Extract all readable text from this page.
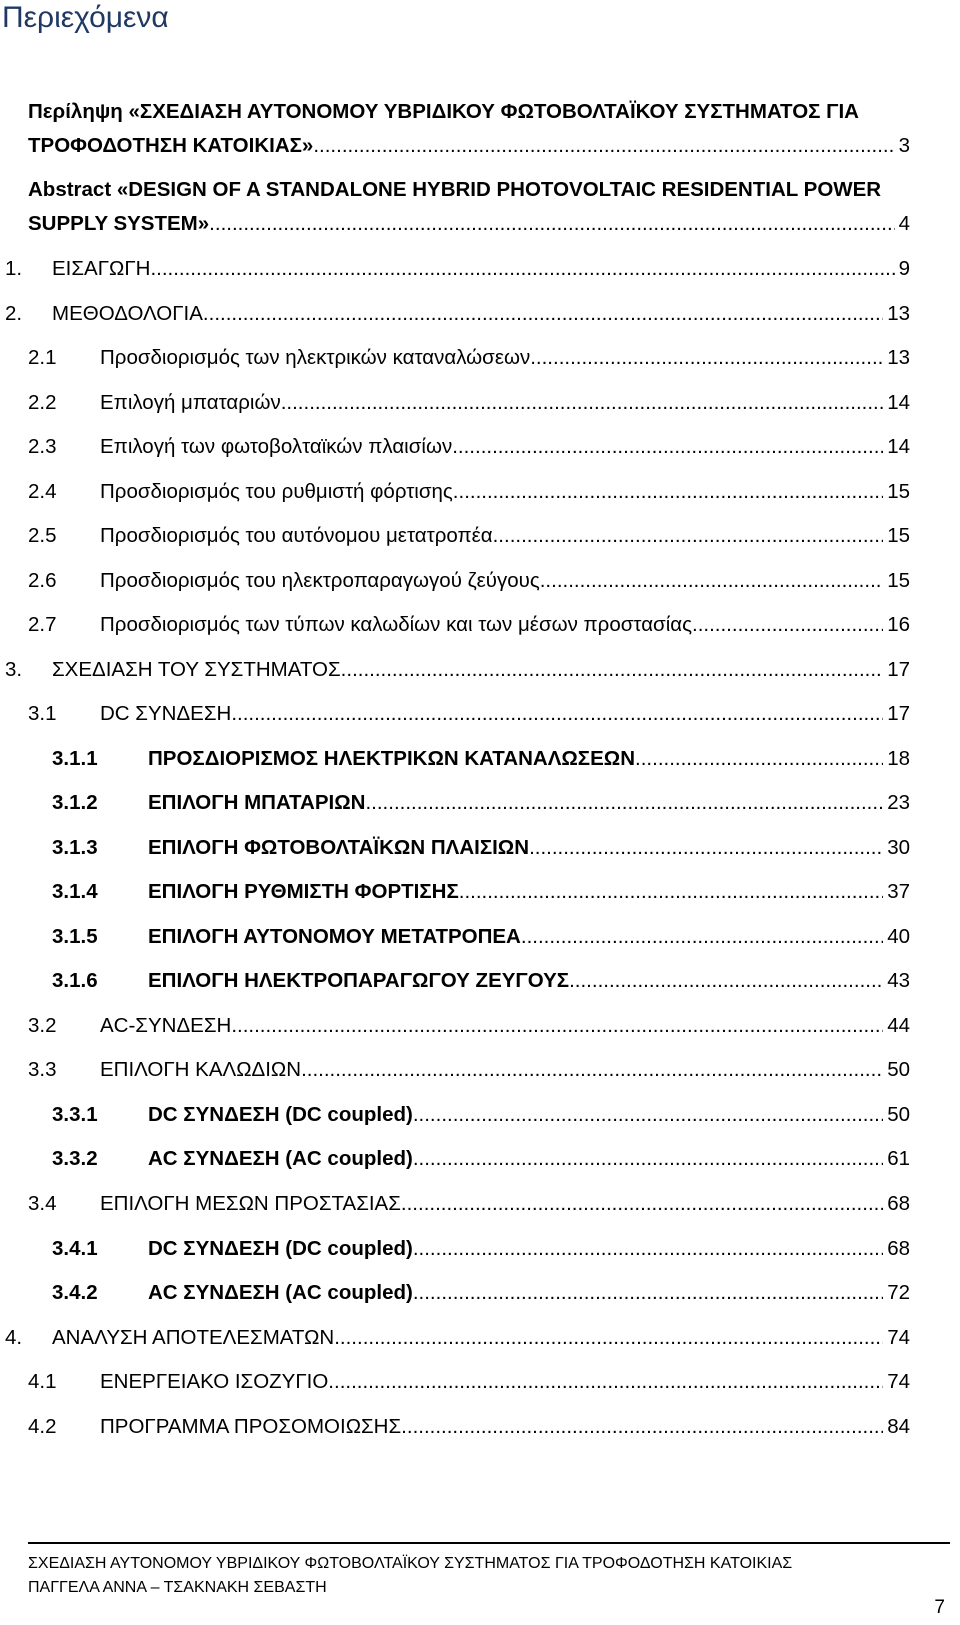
Περιεχόμενα
Περίληψη «ΣΧΕΔΙΑΣΗ ΑΥΤΟΝΟΜΟΥ ΥΒΡΙΔΙΚΟΥ ΦΩΤΟΒΟΛΤΑΪΚΟΥ ΣΥΣΤΗΜΑΤΟΣ ΓΙΑ
ΤΡΟΦΟΔΟΤΗΣΗ ΚΑΤΟΙΚΙΑΣ» .....	3
Abstract «DESIGN OF A STANDALONE HYBRID PHOTOVOLTAIC RESIDENTIAL POWER
SUPPLY SYSTEM» .....	4
1. ΕΙΣΑΓΩΓΗ .....	9
2. ΜΕΘΟΔΟΛΟΓΙΑ .....	13
2.1 Προσδιορισμός των ηλεκτρικών καταναλώσεων .....	13
2.2 Επιλογή μπαταριών .....	14
2.3 Επιλογή των φωτοβολταϊκών πλαισίων .....	14
2.4 Προσδιορισμός του ρυθμιστή φόρτισης .....	15
2.5 Προσδιορισμός του αυτόνομου μετατροπέα .....	15
2.6 Προσδιορισμός του ηλεκτροπαραγωγού ζεύγους .....	15
2.7 Προσδιορισμός των τύπων καλωδίων και των μέσων προστασίας .....	16
3. ΣΧΕΔΙΑΣΗ ΤΟΥ ΣΥΣΤΗΜΑΤΟΣ .....	17
3.1 DC ΣΥΝΔΕΣΗ .....	17
3.1.1 ΠΡΟΣΔΙΟΡΙΣΜΟΣ ΗΛΕΚΤΡΙΚΩΝ ΚΑΤΑΝΑΛΩΣΕΩΝ .....	18
3.1.2 ΕΠΙΛΟΓΗ ΜΠΑΤΑΡΙΩΝ .....	23
3.1.3 ΕΠΙΛΟΓΗ ΦΩΤΟΒΟΛΤΑΪΚΩΝ ΠΛΑΙΣΙΩΝ .....	30
3.1.4 ΕΠΙΛΟΓΗ ΡΥΘΜΙΣΤΗ ΦΟΡΤΙΣΗΣ .....	37
3.1.5 ΕΠΙΛΟΓΗ ΑΥΤΟΝΟΜΟΥ ΜΕΤΑΤΡΟΠΕΑ .....	40
3.1.6 ΕΠΙΛΟΓΗ ΗΛΕΚΤΡΟΠΑΡΑΓΩΓΟΥ ΖΕΥΓΟΥΣ .....	43
3.2 AC-ΣΥΝΔΕΣΗ .....	44
3.3 ΕΠΙΛΟΓΗ ΚΑΛΩΔΙΩΝ .....	50
3.3.1 DC ΣΥΝΔΕΣΗ (DC coupled) .....	50
3.3.2 AC ΣΥΝΔΕΣΗ (AC coupled) .....	61
3.4 ΕΠΙΛΟΓΗ ΜΕΣΩΝ ΠΡΟΣΤΑΣΙΑΣ .....	68
3.4.1 DC ΣΥΝΔΕΣΗ (DC coupled) .....	68
3.4.2 AC ΣΥΝΔΕΣΗ (AC coupled) .....	72
4. ΑΝΑΛΥΣΗ ΑΠΟΤΕΛΕΣΜΑΤΩΝ .....	74
4.1 ΕΝΕΡΓΕΙΑΚΟ ΙΣΟΖΥΓΙΟ .....	74
4.2 ΠΡΟΓΡΑΜΜΑ ΠΡΟΣΟΜΟΙΩΣΗΣ .....	84
ΣΧΕΔΙΑΣΗ ΑΥΤΟΝΟΜΟΥ ΥΒΡΙΔΙΚΟΥ ΦΩΤΟΒΟΛΤΑΪΚΟΥ ΣΥΣΤΗΜΑΤΟΣ ΓΙΑ ΤΡΟΦΟΔΟΤΗΣΗ ΚΑΤΟΙΚΙΑΣ
ΠΑΓΓΕΛΑ ΑΝΝΑ – ΤΣΑΚΝΑΚΗ ΣΕΒΑΣΤΗ
7
